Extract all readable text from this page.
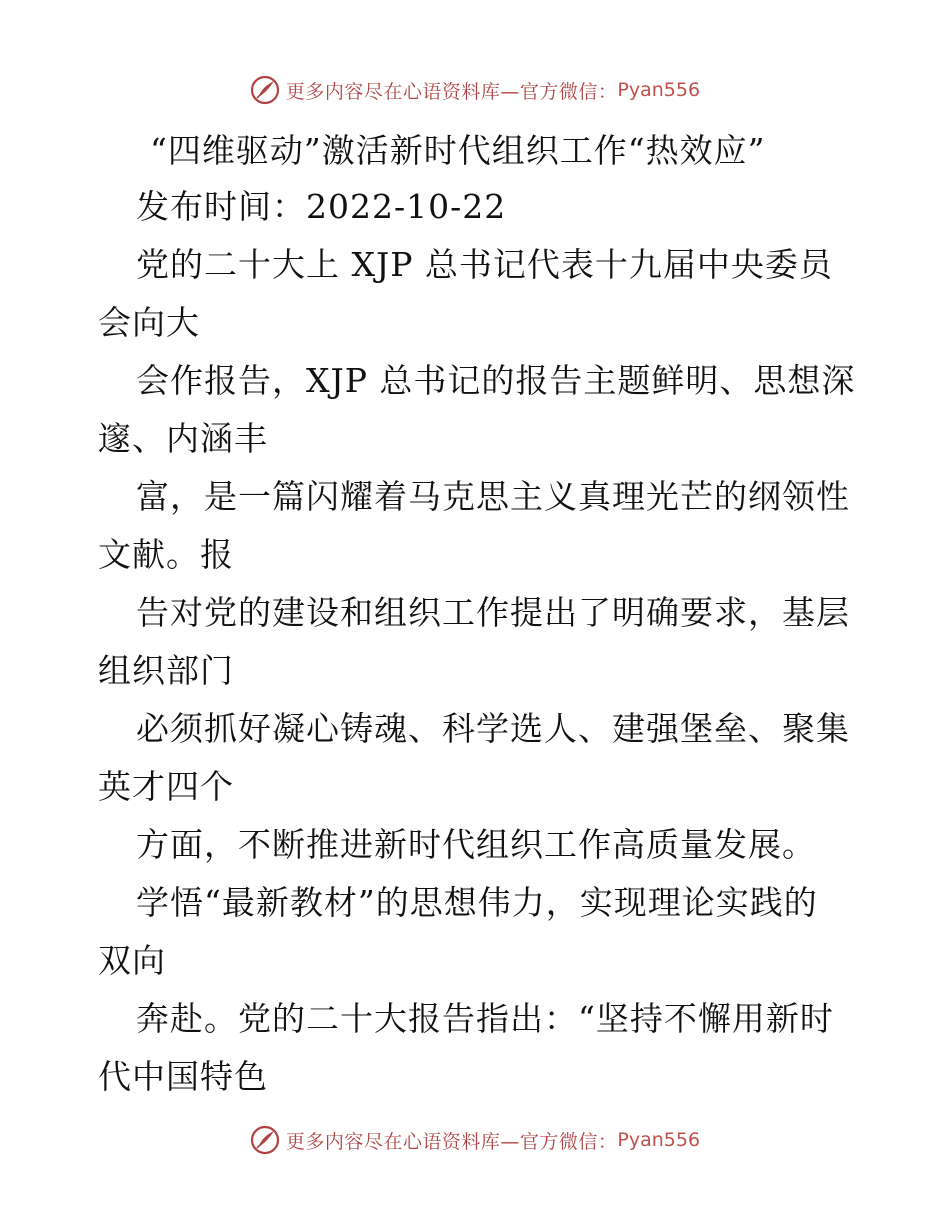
更多内容尽在心语资料库—官方微信： Pyan556
“四维驱动”激活新时代组织工作“热效应”
发布时间：2022-10-22
党的二十大上 XJP 总书记代表十九届中央委员
会向大
会作报告，XJP 总书记的报告主题鲜明、思想深
邃、内涵丰
富，是一篇闪耀着马克思主义真理光芒的纲领性
文献。报
告对党的建设和组织工作提出了明确要求，基层
组织部门
必须抓好凝心铸魂、科学选人、建强堡垒、聚集
英才四个
方面，不断推进新时代组织工作高质量发展。
学悟“最新教材”的思想伟力，实现理论实践的
双向
奔赴。党的二十大报告指出：“坚持不懈用新时
代中国特色
更多内容尽在心语资料库—官方微信： Pyan556
